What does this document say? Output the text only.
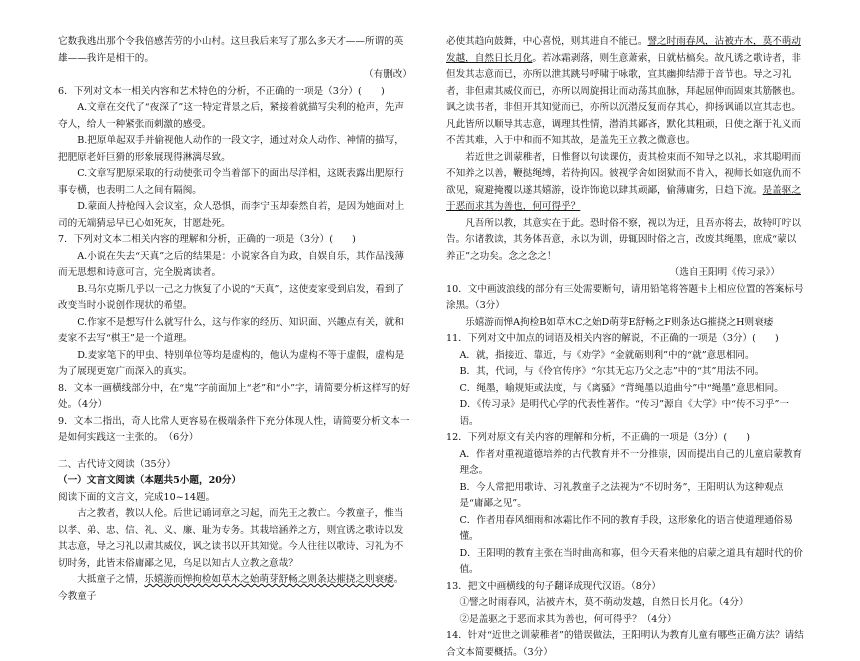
它数我逃出那个令我倍感苦劳的小山村。这旦我后来写了那么多天才——所谓的英雄——我许是相干的。

（有删改）

6．下列对文本一相关内容和艺术特色的分析，不正确的一项是（3分）(　　)

A.文章在交代了“夜深了”这一特定背景之后，紧接着就描写尖利的枪声，先声夺人，给人一种紧张而刺激的感受。

B.把原单起双手并偷视他人动作的一段文字，通过对众人动作、神情的描写，把肥原老奸巨猾的形象展现得淋漓尽致。

C.文章写肥原采取的行动使张司令当着部下的面出尽洋相，这既表露出肥原行事专横，也表明二人之间有隔阂。

D.蒙面人持枪闯入会议室，众人恐惧，而李宁玉却泰然自若，是因为她面对上司的无端猜忌早已心如死灰，甘愿赴死。

7．下列对文本二相关内容的理解和分析，正确的一项是（3分）(　　)

A.小说在失去“天真”之后的结果是：小说家各自为政，自娱自乐，其作品浅薄而无思想和诗意可言，完全脱离读者。

B.马尔克斯几乎以一己之力恢复了小说的“天真”，这使麦家受到启发，看到了改变当时小说创作现状的希望。

C.作家不是想写什么就写什么，这与作家的经历、知识面、兴趣点有关，就和麦家不去写“棋王”是一个道理。

D.麦家笔下的甲虫、特别单位等均是虚构的，他认为虚构不等于虚假，虚构是为了展现更宽广而深入的真实。

8．文本一画横线部分中，在“鬼”字前面加上“老”和“小”字，请简要分析这样写的好处。（4分）

9．文本二指出，奇人比常人更容易在极端条件下充分体现人性，请简要分析文本一是如何实践这一主张的。　（6分）

二、古代诗文阅读（35分）

（一）文言文阅读（本题共5小题，20分）

阅读下面的文言文，完成10~14题。

古之教者，教以人伦。后世记诵词章之习起，而先王之教亡。今教童子，惟当以孝、弟、忠、信、礼、义、廉、耻为专务。其栽培涵养之方，则宜诱之歌诗以发其志意，导之习礼以肃其威仪，讽之读书以开其知觉。今人往往以歌诗、习礼为不切时务，此皆末俗庸鄙之见，乌足以知古人立教之意哉？

大抵童子之情，乐嬉游而惮拘检如草木之始萌芽舒畅之则条达摧挠之则衰痿。今教童子

必使其趋向鼓舞，中心喜悦，则其进自不能已。譬之时雨春风，沾被卉木，莫不萌动发越，自然日长月化。若冰霜剥落，则生意萧索，日就枯槁矣。故凡诱之歌诗者，非但发其志意而已，亦所以泄其跳号呼啸于咏歌，宣其幽抑结滞于音节也。导之习礼者，非但肃其威仪而已，亦所以周旋揖让而动荡其血脉，拜起屈伸而固束其筋骸也。讽之读书者，非但开其知觉而已，亦所以沉潜反复而存其心，抑扬讽诵以宣其志也。凡此皆所以顺导其志意，调理其性情，潜消其鄙吝，默化其粗顽，日使之渐于礼义而不苦其难，入于中和而不知其故，是盖先王立教之微意也。

若近世之训蒙稚者，日惟督以句读课仿，责其检束而不知导之以礼，求其聪明而不知养之以善，鞭挞绳缚，若待拘囚。彼视学舍如囹狱而不肯入，视师长如寇仇而不欲见，窥避掩覆以遂其嬉游，设诈饰诡以肆其顽鄙，偷薄庸劣，日趋下流。是盖驱之于恶而求其为善也，何可得乎？

凡吾所以教，其意实在于此。恐时俗不察，视以为迂，且吾亦将去，故特叮咛以告。尔诸教读，其务体吾意，永以为训，毋辄因时俗之言，改废其绳墨，庶成“蒙以养正”之功矣。念之念之！

（选自王阳明《传习录》）

10．文中画波浪线的部分有三处需要断句，请用铅笔将答题卡上相应位置的答案标号涂黑。（3分）

乐嬉游而惮A拘检B如草木C之始D萌芽E舒畅之F则条达G摧挠之H则衰痿

11．下列对文中加点的词语及相关内容的解说，不正确的一项是（3分）(　　)

A．就，指接近、靠近，与《劝学》“金就砺则利”中的“就”意思相同。

B．其，代词，与《伶官传序》“尔其无忘乃父之志”中的“其”用法不同。

C．绳墨，喻规矩或法度，与《离骚》“背绳墨以追曲兮”中“绳墨”意思相同。

D．《传习录》是明代心学的代表性著作。“传习”源自《大学》中“传不习乎”一语。

12．下列对原文有关内容的理解和分析，不正确的一项是（3分）(　　)

A．作者对重视道德培养的古代教育并不一分推崇，因而提出自己的儿童启蒙教育理念。

B．今人常把用歌诗、习礼教童子之法视为“不切时务”，王阳明认为这种观点是“庸鄙之见”。

C．作者用春风细雨和冰霜比作不同的教育手段，这形象化的语言使道理通俗易懂。

D．王阳明的教育主张在当时曲高和寡，但今天看来他的启蒙之道具有超时代的价值。

13．把文中画横线的句子翻译成现代汉语。（8分）

①譬之时雨春风，沾被卉木，莫不萌动发越，自然日长月化。（4分）

②是盖驱之于恶而求其为善也，何可得乎？（4分）

14．针对“近世之训蒙稚者”的错误做法，王阳明认为教育儿童有哪些正确方法？请结合文本简要概括。（3分）
